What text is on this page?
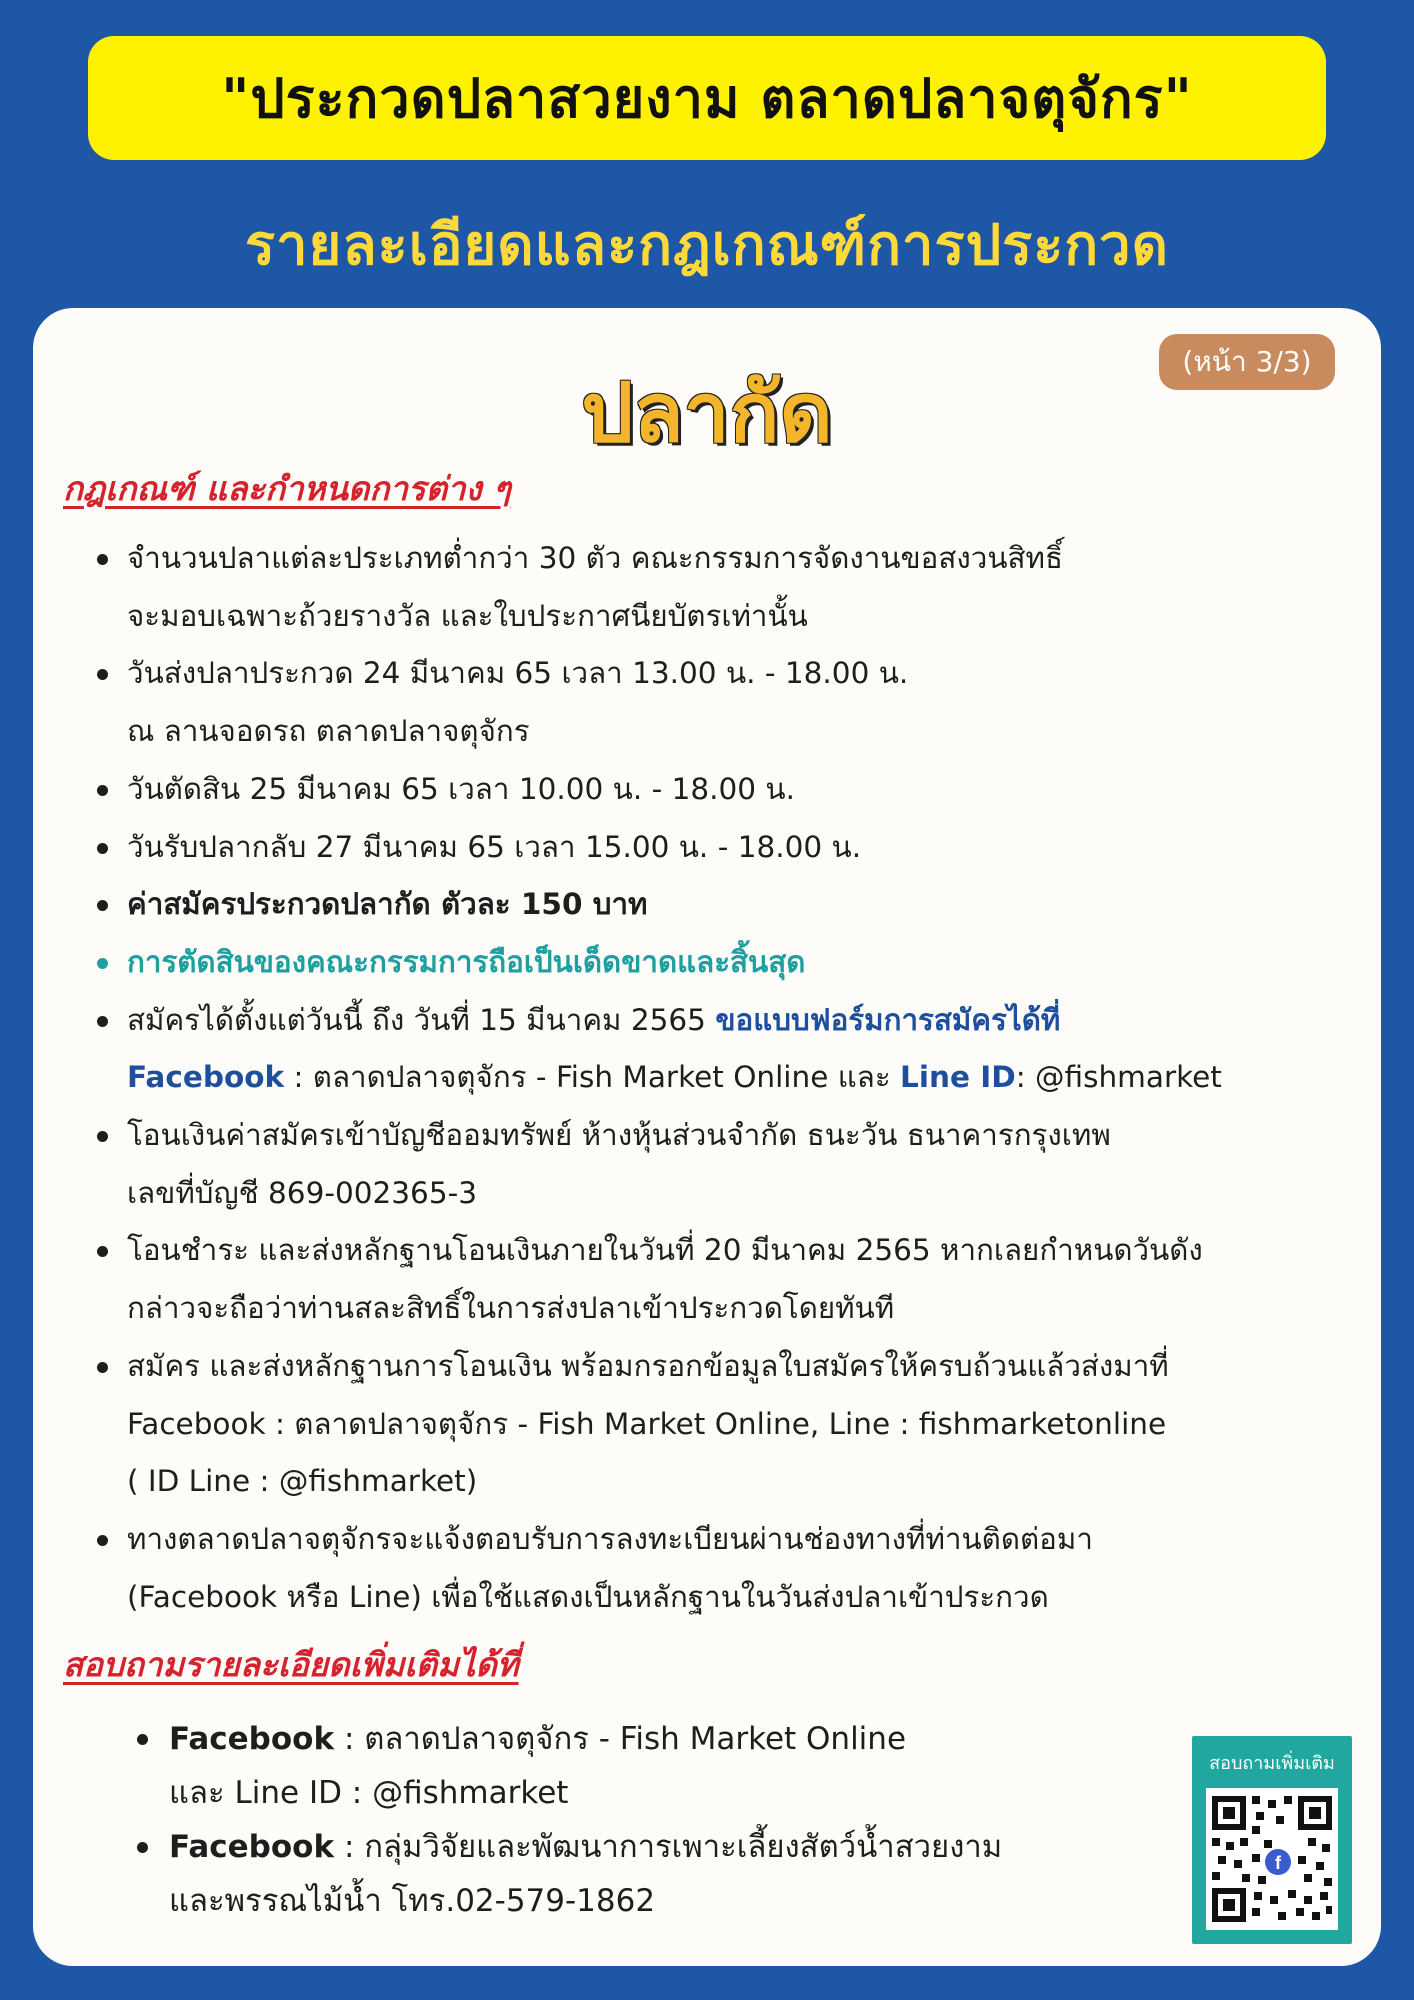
"ประกวดปลาสวยงาม ตลาดปลาจตุจักร"
รายละเอียดและกฎเกณฑ์การประกวด
(หน้า 3/3)
ปลากัด
กฎเกณฑ์ และกำหนดการต่าง ๆ
จำนวนปลาแต่ละประเภทต่ำกว่า 30 ตัว คณะกรรมการจัดงานขอสงวนสิทธิ์
จะมอบเฉพาะถ้วยรางวัล และใบประกาศนียบัตรเท่านั้น
วันส่งปลาประกวด 24 มีนาคม 65 เวลา 13.00 น. - 18.00 น.
ณ ลานจอดรถ ตลาดปลาจตุจักร
วันตัดสิน 25 มีนาคม 65 เวลา 10.00 น. - 18.00 น.
วันรับปลากลับ 27 มีนาคม 65 เวลา 15.00 น. - 18.00 น.
ค่าสมัครประกวดปลากัด ตัวละ 150 บาท
การตัดสินของคณะกรรมการถือเป็นเด็ดขาดและสิ้นสุด
สมัครได้ตั้งแต่วันนี้ ถึง วันที่ 15 มีนาคม 2565 ขอแบบฟอร์มการสมัครได้ที่
Facebook : ตลาดปลาจตุจักร - Fish Market Online และ Line ID: @fishmarket
โอนเงินค่าสมัครเข้าบัญชีออมทรัพย์ ห้างหุ้นส่วนจำกัด ธนะวัน ธนาคารกรุงเทพ
เลขที่บัญชี 869-002365-3
โอนชำระ และส่งหลักฐานโอนเงินภายในวันที่ 20 มีนาคม 2565 หากเลยกำหนดวันดัง
กล่าวจะถือว่าท่านสละสิทธิ์ในการส่งปลาเข้าประกวดโดยทันที
สมัคร และส่งหลักฐานการโอนเงิน พร้อมกรอกข้อมูลใบสมัครให้ครบถ้วนแล้วส่งมาที่
Facebook : ตลาดปลาจตุจักร - Fish Market Online, Line : fishmarketonline
( ID Line : @fishmarket)
ทางตลาดปลาจตุจักรจะแจ้งตอบรับการลงทะเบียนผ่านช่องทางที่ท่านติดต่อมา
(Facebook หรือ Line) เพื่อใช้แสดงเป็นหลักฐานในวันส่งปลาเข้าประกวด
สอบถามรายละเอียดเพิ่มเติมได้ที่
Facebook : ตลาดปลาจตุจักร - Fish Market Online
และ Line ID : @fishmarket
Facebook : กลุ่มวิจัยและพัฒนาการเพาะเลี้ยงสัตว์น้ำสวยงาม
และพรรณไม้น้ำ โทร.02-579-1862
สอบถามเพิ่มเติม
f
